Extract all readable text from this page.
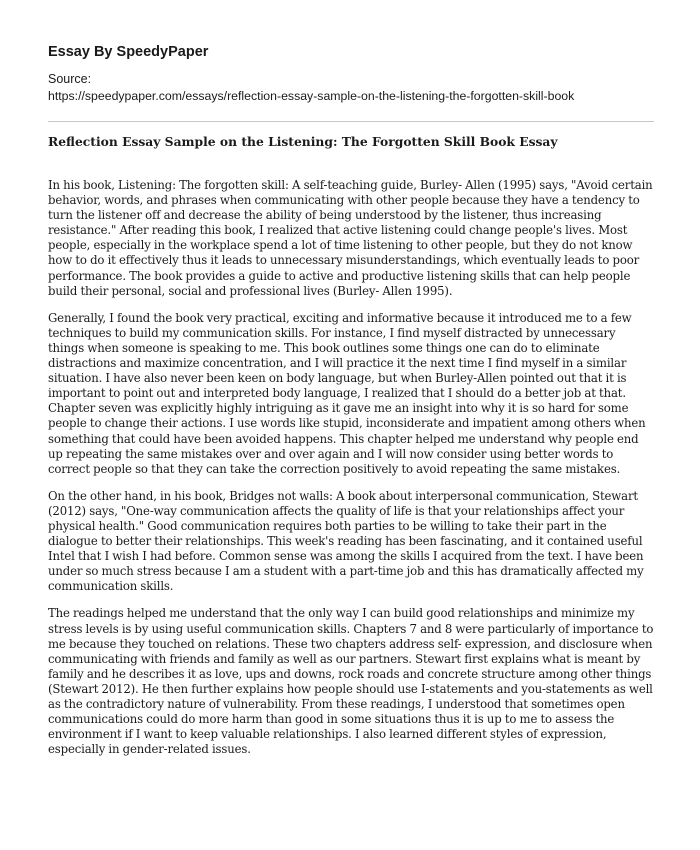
Essay By SpeedyPaper
Source:
https://speedypaper.com/essays/reflection-essay-sample-on-the-listening-the-forgotten-skill-book
Reflection Essay Sample on the Listening: The Forgotten Skill Book Essay

In his book, Listening: The forgotten skill: A self-teaching guide, Burley- Allen (1995) says, "Avoid certain behavior, words, and phrases when communicating with other people because they have a tendency to turn the listener off and decrease the ability of being understood by the listener, thus increasing resistance." After reading this book, I realized that active listening could change people's lives. Most people, especially in the workplace spend a lot of time listening to other people, but they do not know how to do it effectively thus it leads to unnecessary misunderstandings, which eventually leads to poor performance. The book provides a guide to active and productive listening skills that can help people build their personal, social and professional lives (Burley- Allen 1995).

Generally, I found the book very practical, exciting and informative because it introduced me to a few techniques to build my communication skills. For instance, I find myself distracted by unnecessary things when someone is speaking to me. This book outlines some things one can do to eliminate distractions and maximize concentration, and I will practice it the next time I find myself in a similar situation. I have also never been keen on body language, but when Burley-Allen pointed out that it is important to point out and interpreted body language, I realized that I should do a better job at that. Chapter seven was explicitly highly intriguing as it gave me an insight into why it is so hard for some people to change their actions. I use words like stupid, inconsiderate and impatient among others when something that could have been avoided happens. This chapter helped me understand why people end up repeating the same mistakes over and over again and I will now consider using better words to correct people so that they can take the correction positively to avoid repeating the same mistakes.

On the other hand, in his book, Bridges not walls: A book about interpersonal communication, Stewart (2012) says, "One-way communication affects the quality of life is that your relationships affect your physical health." Good communication requires both parties to be willing to take their part in the dialogue to better their relationships. This week's reading has been fascinating, and it contained useful Intel that I wish I had before. Common sense was among the skills I acquired from the text. I have been under so much stress because I am a student with a part-time job and this has dramatically affected my communication skills.

The readings helped me understand that the only way I can build good relationships and minimize my stress levels is by using useful communication skills. Chapters 7 and 8 were particularly of importance to me because they touched on relations. These two chapters address self- expression, and disclosure when communicating with friends and family as well as our partners. Stewart first explains what is meant by family and he describes it as love, ups and downs, rock roads and concrete structure among other things (Stewart 2012). He then further explains how people should use I-statements and you-statements as well as the contradictory nature of vulnerability. From these readings, I understood that sometimes open communications could do more harm than good in some situations thus it is up to me to assess the environment if I want to keep valuable relationships. I also learned different styles of expression, especially in gender-related issues.
